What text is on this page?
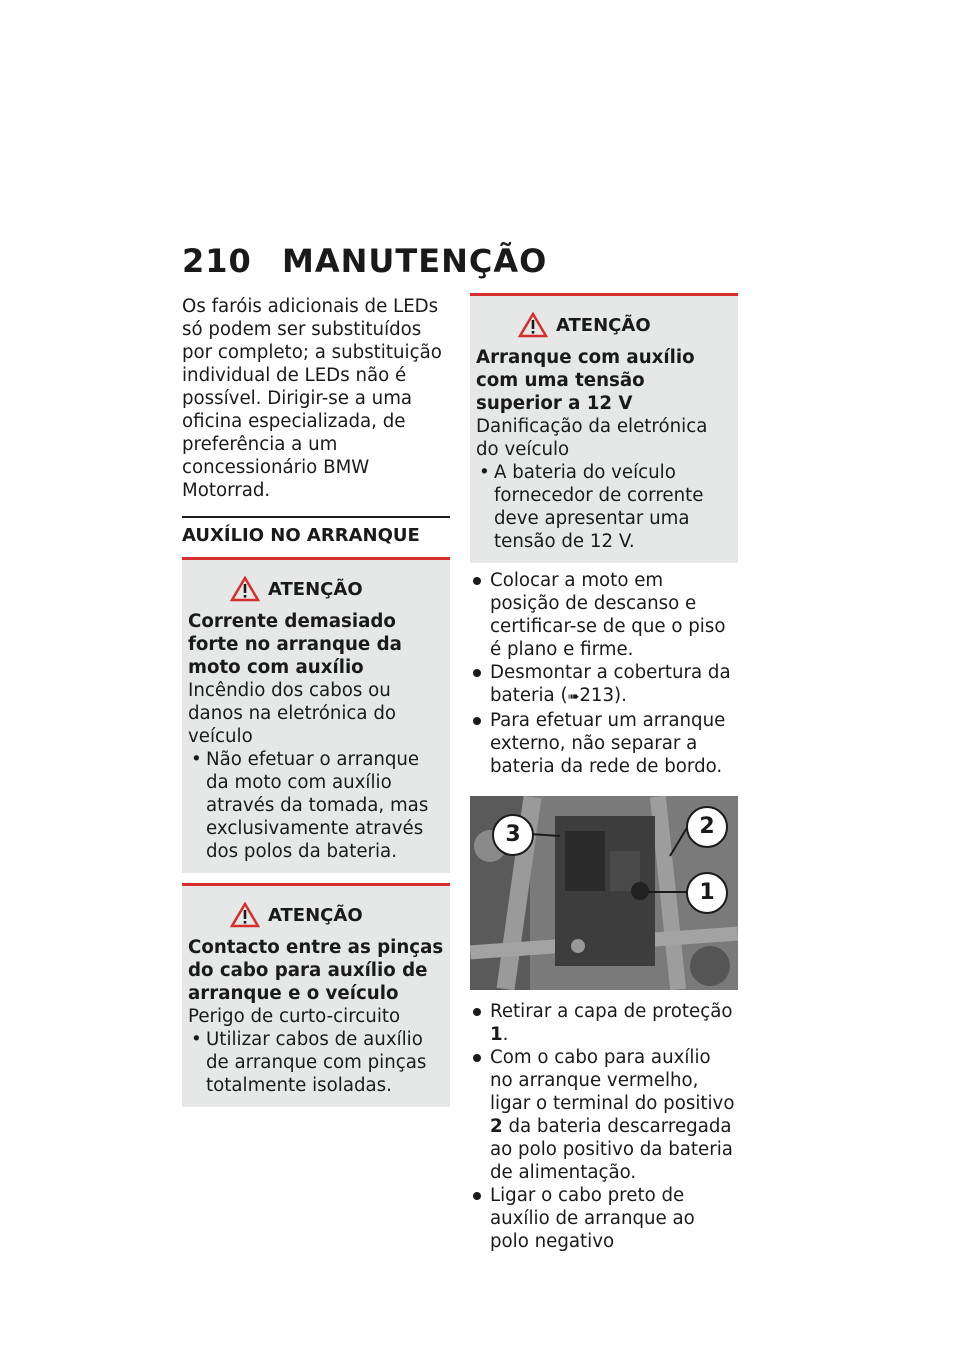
210 MANUTENÇÃO

Os faróis adicionais de LEDs só podem ser substituídos por completo; a substituição individual de LEDs não é possível. Dirigir-se a uma oficina especializada, de preferência a um concessionário BMW Motorrad.

AUXÍLIO NO ARRANQUE
ATENÇÃO
Corrente demasiado forte no arranque da moto com auxílio
Incêndio dos cabos ou danos na eletrónica do veículo
• Não efetuar o arranque da moto com auxílio através da tomada, mas exclusivamente através dos polos da bateria.
ATENÇÃO
Contacto entre as pinças do cabo para auxílio de arranque e o veículo
Perigo de curto-circuito
• Utilizar cabos de auxílio de arranque com pinças totalmente isoladas.
ATENÇÃO
Arranque com auxílio com uma tensão superior a 12 V
Danificação da eletrónica do veículo
• A bateria do veículo fornecedor de corrente deve apresentar uma tensão de 12 V.
Colocar a moto em posição de descanso e certificar-se de que o piso é plano e firme.
Desmontar a cobertura da bateria (➠213).
Para efetuar um arranque externo, não separar a bateria da rede de bordo.
3	2
1
Retirar a capa de proteção 1.
Com o cabo para auxílio no arranque vermelho, ligar o terminal do positivo 2 da bateria descarregada ao polo positivo da bateria de alimentação.
Ligar o cabo preto de auxílio de arranque ao polo negativo
